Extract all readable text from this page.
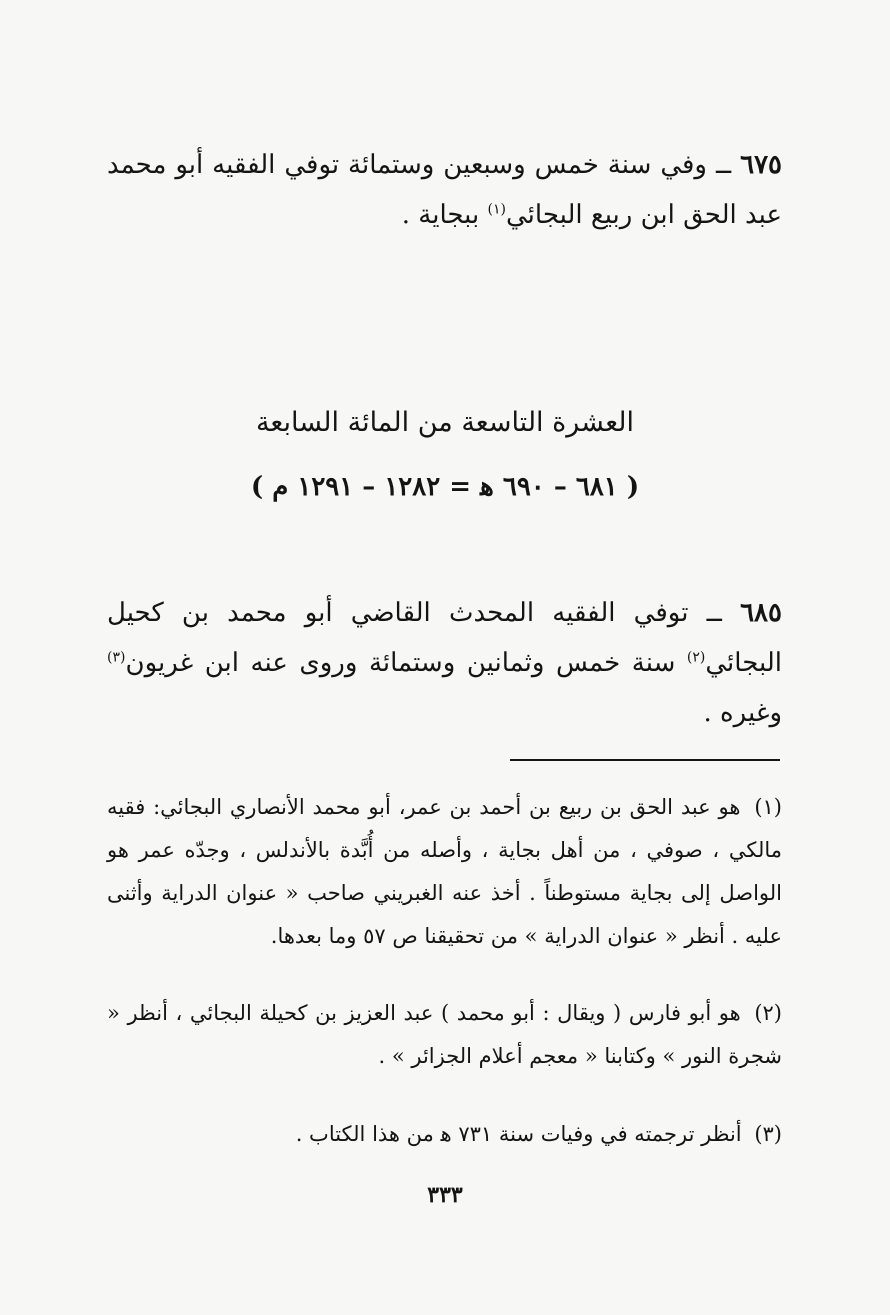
٦٧٥ ــ وفي سنة خمس وسبعين وستمائة توفي الفقيه أبو محمد عبد الحق ابن ربيع البجائي$^{(١)}$ ببجاية .

العشرة التاسعة من المائة السابعة
( ٦٨١ – ٦٩٠ ﻫ = ١٢٨٢ – ١٢٩١ م )

٦٨٥ ــ توفي الفقيه المحدث القاضي أبو محمد بن كحيل البجائي$^{(٢)}$ سنة خمس وثمانين وستمائة وروى عنه ابن غريون$^{(٣)}$ وغيره .

(١) هو عبد الحق بن ربيع بن أحمد بن عمر، أبو محمد الأنصاري البجائي: فقيه مالكي ، صوفي ، من أهل بجاية ، وأصله من أُبَّدة بالأندلس ، وجدّه عمر هو الواصل إلى بجاية مستوطناً . أخذ عنه الغبريني صاحب « عنوان الدراية وأثنى عليه . أنظر « عنوان الدراية » من تحقيقنا ص ٥٧ وما بعدها.

(٢) هو أبو فارس ( ويقال : أبو محمد ) عبد العزيز بن كحيلة البجائي ، أنظر « شجرة النور » وكتابنا « معجم أعلام الجزائر » .

(٣) أنظر ترجمته في وفيات سنة ٧٣١ ﻫ من هذا الكتاب .

٣٣٣
